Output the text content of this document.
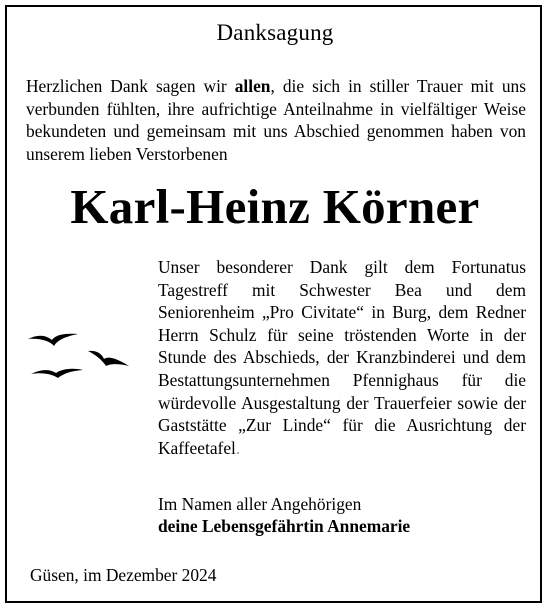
Danksagung
Herzlichen Dank sagen wir allen, die sich in stiller Trauer mit uns verbunden fühlten, ihre aufrichtige Anteilnahme in vielfältiger Weise bekundeten und gemeinsam mit uns Abschied genommen haben von unserem lieben Verstorbenen
Karl-Heinz Körner
Unser besonderer Dank gilt dem Fortunatus Tagestreff mit Schwester Bea und dem Seniorenheim „Pro Civitate“ in Burg, dem Redner Herrn Schulz für seine tröstenden Worte in der Stunde des Abschieds, der Kranzbinderei und dem Bestattungsunternehmen Pfennighaus für die würdevolle Ausgestaltung der Trauerfeier sowie der Gaststätte „Zur Linde“ für die Ausrichtung der Kaffeetafel.
Im Namen aller Angehörigen
deine Lebensgefährtin Annemarie
Güsen, im Dezember 2024
